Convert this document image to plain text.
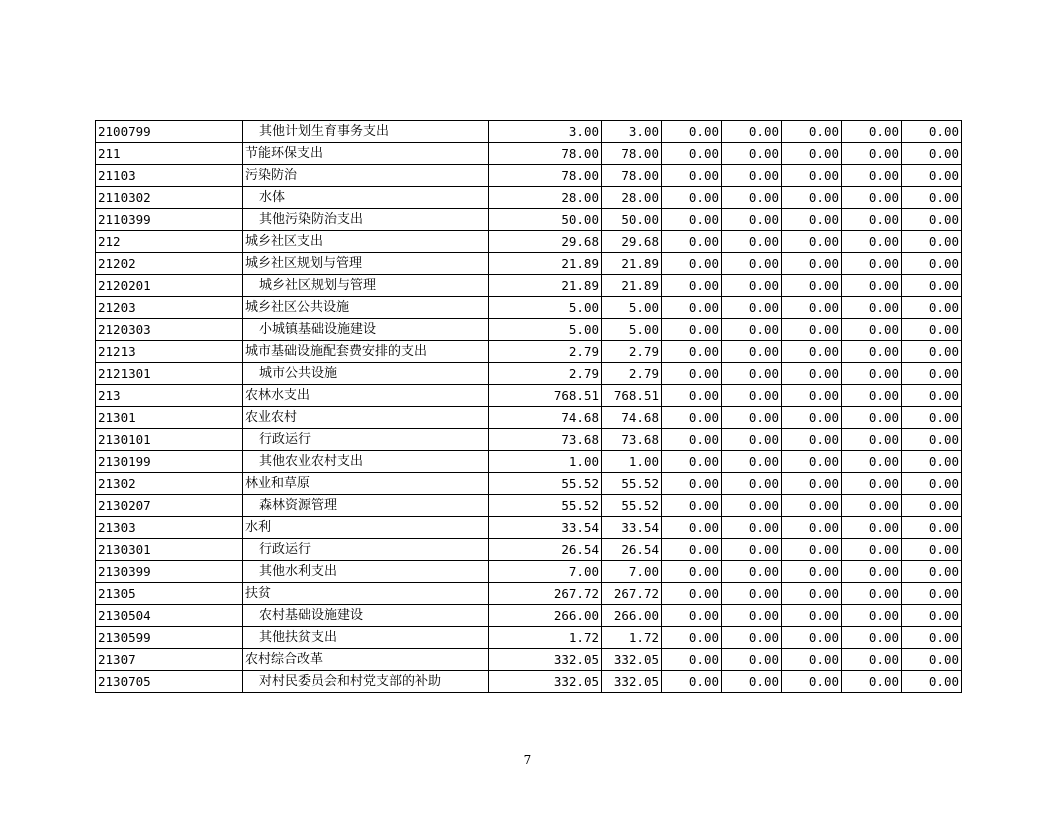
2100799	其他计划生育事务支出	3.00	3.00	0.00	0.00	0.00	0.00	0.00
211	节能环保支出	78.00	78.00	0.00	0.00	0.00	0.00	0.00
21103	污染防治	78.00	78.00	0.00	0.00	0.00	0.00	0.00
2110302	水体	28.00	28.00	0.00	0.00	0.00	0.00	0.00
2110399	其他污染防治支出	50.00	50.00	0.00	0.00	0.00	0.00	0.00
212	城乡社区支出	29.68	29.68	0.00	0.00	0.00	0.00	0.00
21202	城乡社区规划与管理	21.89	21.89	0.00	0.00	0.00	0.00	0.00
2120201	城乡社区规划与管理	21.89	21.89	0.00	0.00	0.00	0.00	0.00
21203	城乡社区公共设施	5.00	5.00	0.00	0.00	0.00	0.00	0.00
2120303	小城镇基础设施建设	5.00	5.00	0.00	0.00	0.00	0.00	0.00
21213	城市基础设施配套费安排的支出	2.79	2.79	0.00	0.00	0.00	0.00	0.00
2121301	城市公共设施	2.79	2.79	0.00	0.00	0.00	0.00	0.00
213	农林水支出	768.51	768.51	0.00	0.00	0.00	0.00	0.00
21301	农业农村	74.68	74.68	0.00	0.00	0.00	0.00	0.00
2130101	行政运行	73.68	73.68	0.00	0.00	0.00	0.00	0.00
2130199	其他农业农村支出	1.00	1.00	0.00	0.00	0.00	0.00	0.00
21302	林业和草原	55.52	55.52	0.00	0.00	0.00	0.00	0.00
2130207	森林资源管理	55.52	55.52	0.00	0.00	0.00	0.00	0.00
21303	水利	33.54	33.54	0.00	0.00	0.00	0.00	0.00
2130301	行政运行	26.54	26.54	0.00	0.00	0.00	0.00	0.00
2130399	其他水利支出	7.00	7.00	0.00	0.00	0.00	0.00	0.00
21305	扶贫	267.72	267.72	0.00	0.00	0.00	0.00	0.00
2130504	农村基础设施建设	266.00	266.00	0.00	0.00	0.00	0.00	0.00
2130599	其他扶贫支出	1.72	1.72	0.00	0.00	0.00	0.00	0.00
21307	农村综合改革	332.05	332.05	0.00	0.00	0.00	0.00	0.00
2130705	对村民委员会和村党支部的补助	332.05	332.05	0.00	0.00	0.00	0.00	0.00
7
